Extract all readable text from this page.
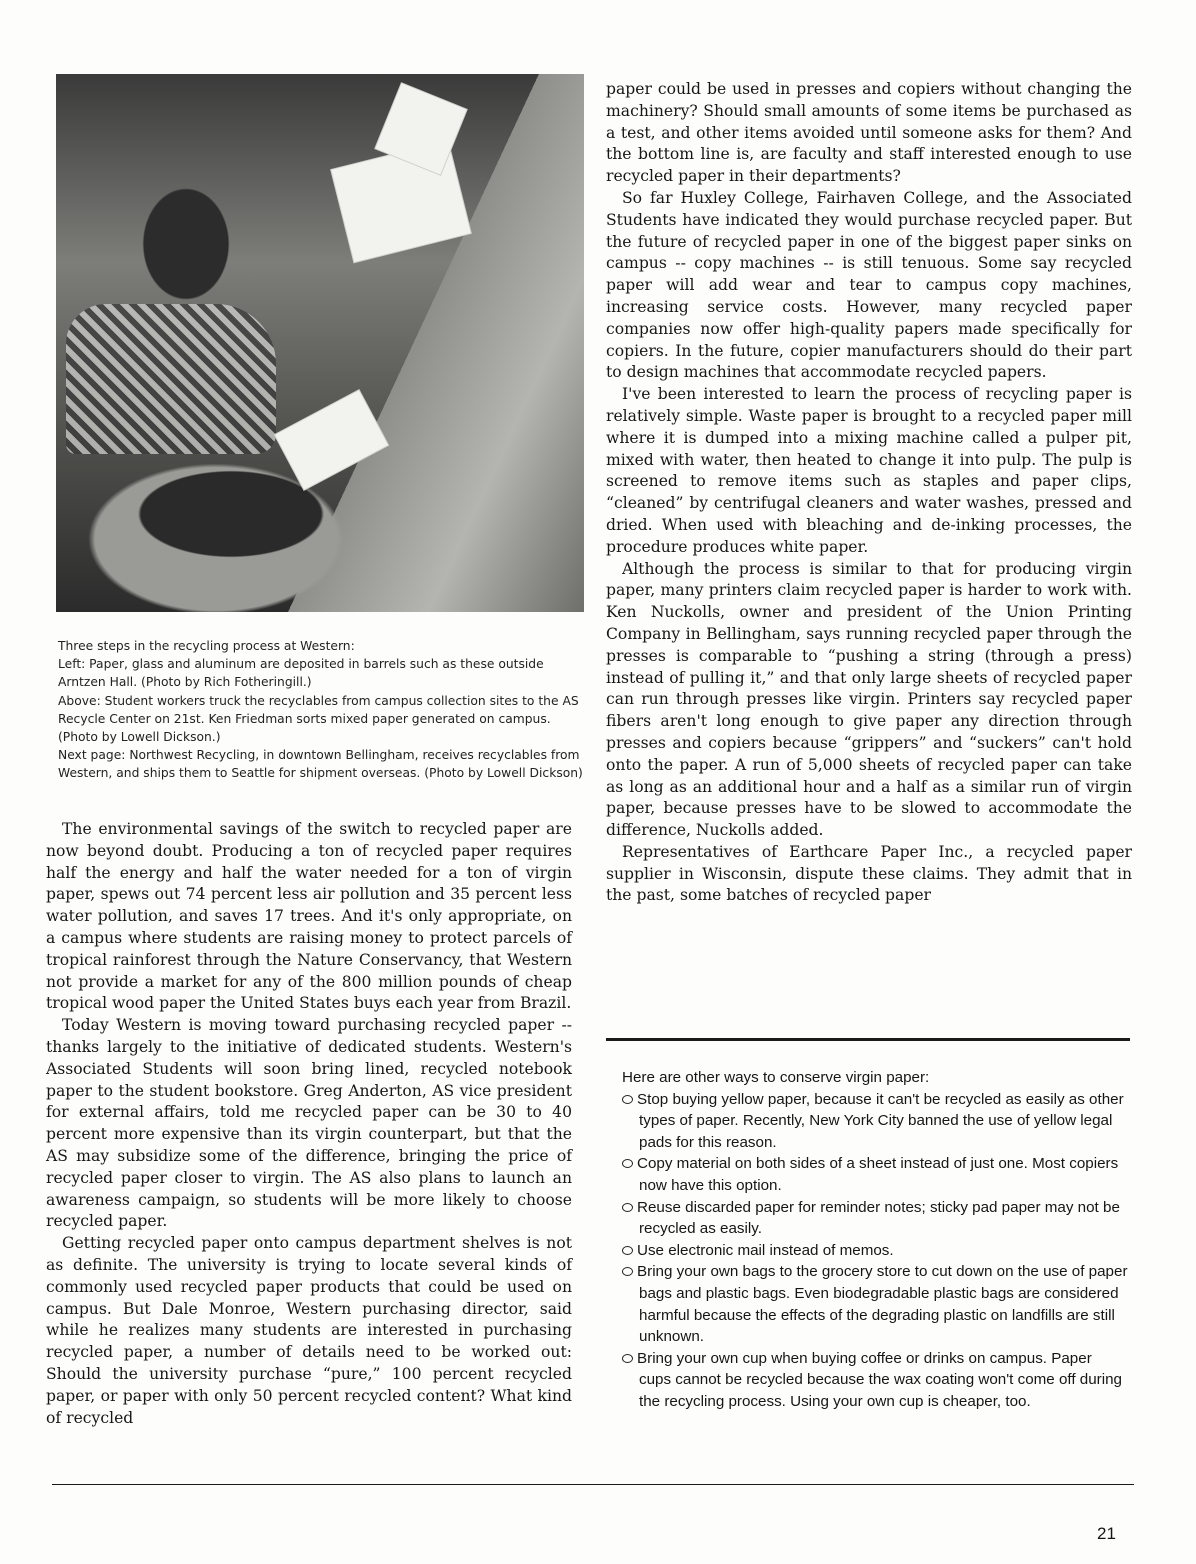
Three steps in the recycling process at Western:

Left: Paper, glass and aluminum are deposited in barrels such as these outside Arntzen Hall. (Photo by Rich Fotheringill.)

Above: Student workers truck the recyclables from campus collection sites to the AS Recycle Center on 21st. Ken Friedman sorts mixed paper generated on campus. (Photo by Lowell Dickson.)

Next page: Northwest Recycling, in downtown Bellingham, receives recyclables from Western, and ships them to Seattle for shipment overseas. (Photo by Lowell Dickson)

The environmental savings of the switch to recycled paper are now beyond doubt. Producing a ton of recycled paper requires half the energy and half the water needed for a ton of virgin paper, spews out 74 percent less air pollution and 35 percent less water pollution, and saves 17 trees. And it's only appropriate, on a campus where students are raising money to protect parcels of tropical rainforest through the Nature Conservancy, that Western not provide a market for any of the 800 million pounds of cheap tropical wood paper the United States buys each year from Brazil.

Today Western is moving toward purchasing recycled paper -- thanks largely to the initiative of dedicated students. Western's Associated Students will soon bring lined, recycled notebook paper to the student bookstore. Greg Anderton, AS vice president for external affairs, told me recycled paper can be 30 to 40 percent more expensive than its virgin counterpart, but that the AS may subsidize some of the difference, bringing the price of recycled paper closer to virgin. The AS also plans to launch an awareness campaign, so students will be more likely to choose recycled paper.

Getting recycled paper onto campus department shelves is not as definite. The university is trying to locate several kinds of commonly used recycled paper products that could be used on campus. But Dale Monroe, Western purchasing director, said while he realizes many students are interested in purchasing recycled paper, a number of details need to be worked out: Should the university purchase “pure,” 100 percent recycled paper, or paper with only 50 percent recycled content? What kind of recycled

paper could be used in presses and copiers without changing the machinery? Should small amounts of some items be purchased as a test, and other items avoided until someone asks for them? And the bottom line is, are faculty and staff interested enough to use recycled paper in their departments?

So far Huxley College, Fairhaven College, and the Associated Students have indicated they would purchase recycled paper. But the future of recycled paper in one of the biggest paper sinks on campus -- copy machines -- is still tenuous. Some say recycled paper will add wear and tear to campus copy machines, increasing service costs. However, many recycled paper companies now offer high-quality papers made specifically for copiers. In the future, copier manufacturers should do their part to design machines that accommodate recycled papers.

I've been interested to learn the process of recycling paper is relatively simple. Waste paper is brought to a recycled paper mill where it is dumped into a mixing machine called a pulper pit, mixed with water, then heated to change it into pulp. The pulp is screened to remove items such as staples and paper clips, “cleaned” by centrifugal cleaners and water washes, pressed and dried. When used with bleaching and de-inking processes, the procedure produces white paper.

Although the process is similar to that for producing virgin paper, many printers claim recycled paper is harder to work with. Ken Nuckolls, owner and president of the Union Printing Company in Bellingham, says running recycled paper through the presses is comparable to “pushing a string (through a press) instead of pulling it,” and that only large sheets of recycled paper can run through presses like virgin. Printers say recycled paper fibers aren't long enough to give paper any direction through presses and copiers because “grippers” and “suckers” can't hold onto the paper. A run of 5,000 sheets of recycled paper can take as long as an additional hour and a half as a similar run of virgin paper, because presses have to be slowed to accommodate the difference, Nuckolls added.

Representatives of Earthcare Paper Inc., a recycled paper supplier in Wisconsin, dispute these claims. They admit that in the past, some batches of recycled paper

Here are other ways to conserve virgin paper:
Stop buying yellow paper, because it can't be recycled as easily as other types of paper. Recently, New York City banned the use of yellow legal pads for this reason.
Copy material on both sides of a sheet instead of just one. Most copiers now have this option.
Reuse discarded paper for reminder notes; sticky pad paper may not be recycled as easily.
Use electronic mail instead of memos.
Bring your own bags to the grocery store to cut down on the use of paper bags and plastic bags. Even biodegradable plastic bags are considered harmful because the effects of the degrading plastic on landfills are still unknown.
Bring your own cup when buying coffee or drinks on campus. Paper cups cannot be recycled because the wax coating won't come off during the recycling process. Using your own cup is cheaper, too.
21
